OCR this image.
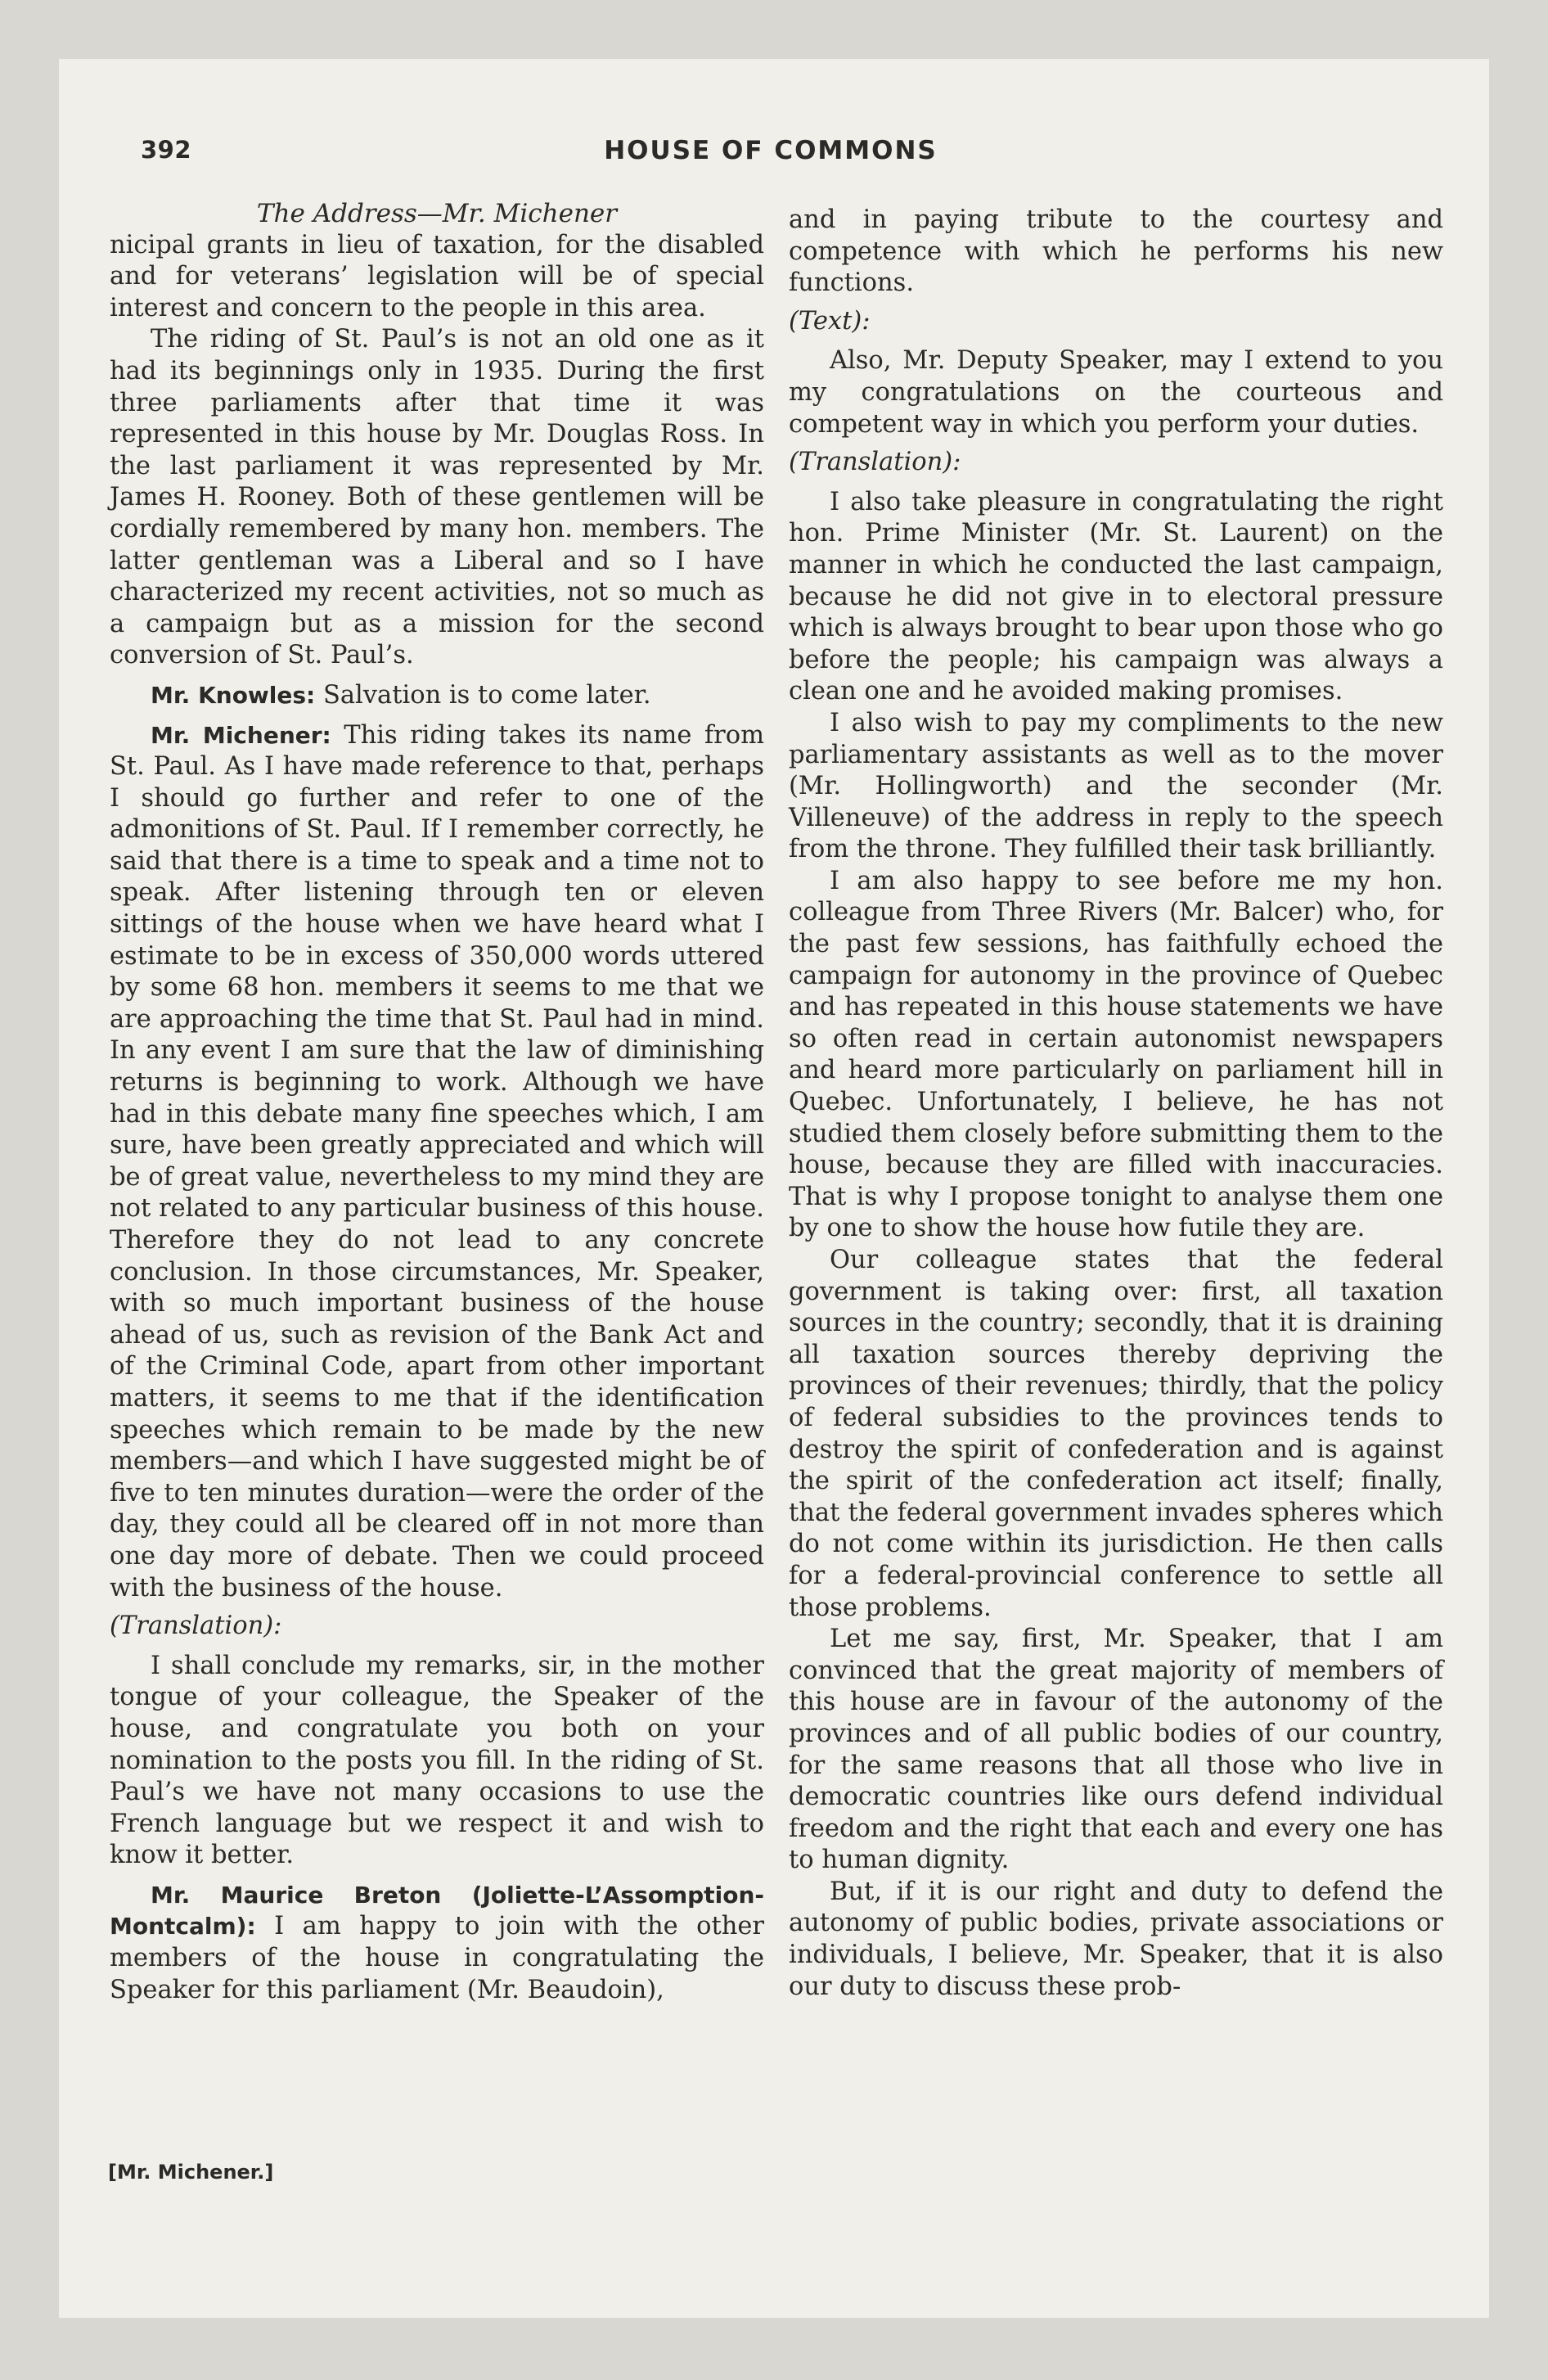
392	HOUSE OF COMMONS

The Address—Mr. Michener

nicipal grants in lieu of taxation, for the disabled and for veterans’ legislation will be of special interest and concern to the people in this area.

The riding of St. Paul’s is not an old one as it had its beginnings only in 1935. During the first three parliaments after that time it was represented in this house by Mr. Douglas Ross. In the last parliament it was represented by Mr. James H. Rooney. Both of these gentlemen will be cordially remembered by many hon. members. The latter gentleman was a Liberal and so I have characterized my recent activities, not so much as a campaign but as a mission for the second conversion of St. Paul’s.

Mr. Knowles: Salvation is to come later.

Mr. Michener: This riding takes its name from St. Paul. As I have made reference to that, perhaps I should go further and refer to one of the admonitions of St. Paul. If I remember correctly, he said that there is a time to speak and a time not to speak. After listening through ten or eleven sittings of the house when we have heard what I estimate to be in excess of 350,000 words uttered by some 68 hon. members it seems to me that we are approaching the time that St. Paul had in mind. In any event I am sure that the law of diminishing returns is beginning to work. Although we have had in this debate many fine speeches which, I am sure, have been greatly appreciated and which will be of great value, nevertheless to my mind they are not related to any particular business of this house. Therefore they do not lead to any concrete conclusion. In those circumstances, Mr. Speaker, with so much important business of the house ahead of us, such as revision of the Bank Act and of the Criminal Code, apart from other important matters, it seems to me that if the identification speeches which remain to be made by the new members—and which I have suggested might be of five to ten minutes duration—were the order of the day, they could all be cleared off in not more than one day more of debate. Then we could proceed with the business of the house.

(Translation):

I shall conclude my remarks, sir, in the mother tongue of your colleague, the Speaker of the house, and congratulate you both on your nomination to the posts you fill. In the riding of St. Paul’s we have not many occasions to use the French language but we respect it and wish to know it better.

Mr. Maurice Breton (Joliette-L’Assomption-Montcalm): I am happy to join with the other members of the house in congratulating the Speaker for this parliament (Mr. Beaudoin),

and in paying tribute to the courtesy and competence with which he performs his new functions.

(Text):

Also, Mr. Deputy Speaker, may I extend to you my congratulations on the courteous and competent way in which you perform your duties.

(Translation):

I also take pleasure in congratulating the right hon. Prime Minister (Mr. St. Laurent) on the manner in which he conducted the last campaign, because he did not give in to electoral pressure which is always brought to bear upon those who go before the people; his campaign was always a clean one and he avoided making promises.

I also wish to pay my compliments to the new parliamentary assistants as well as to the mover (Mr. Hollingworth) and the seconder (Mr. Villeneuve) of the address in reply to the speech from the throne. They fulfilled their task brilliantly.

I am also happy to see before me my hon. colleague from Three Rivers (Mr. Balcer) who, for the past few sessions, has faithfully echoed the campaign for autonomy in the province of Quebec and has repeated in this house statements we have so often read in certain autonomist newspapers and heard more particularly on parliament hill in Quebec. Unfortunately, I believe, he has not studied them closely before submitting them to the house, because they are filled with inaccuracies. That is why I propose tonight to analyse them one by one to show the house how futile they are.

Our colleague states that the federal government is taking over: first, all taxation sources in the country; secondly, that it is draining all taxation sources thereby depriving the provinces of their revenues; thirdly, that the policy of federal subsidies to the provinces tends to destroy the spirit of confederation and is against the spirit of the confederation act itself; finally, that the federal government invades spheres which do not come within its jurisdiction. He then calls for a federal-provincial conference to settle all those problems.

Let me say, first, Mr. Speaker, that I am convinced that the great majority of members of this house are in favour of the autonomy of the provinces and of all public bodies of our country, for the same reasons that all those who live in democratic countries like ours defend individual freedom and the right that each and every one has to human dignity.

But, if it is our right and duty to defend the autonomy of public bodies, private associations or individuals, I believe, Mr. Speaker, that it is also our duty to discuss these prob-

[Mr. Michener.]
